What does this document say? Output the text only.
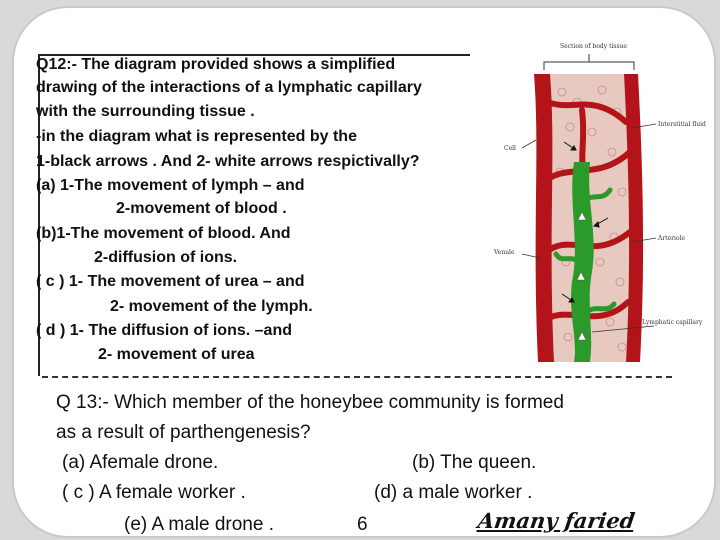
Q12:- The diagram provided shows a simplified
drawing of the interactions of a lymphatic capillary
with the surrounding tissue .
-in the diagram what is represented by the
1-black arrows . And 2- white arrows respictivally?
(a) 1-The movement of lymph – and
2-movement of blood .
(b)1-The movement of blood. And
2-diffusion of ions.
( c ) 1- The movement of urea – and
2- movement of the lymph.
( d ) 1- The diffusion of ions. –and
2- movement of urea
Section of body tissue
Cell
Venule
Interstitial fluid
Arteriole
Lymphatic capillary
Q 13:- Which member of the honeybee community is formed
as a result of parthengenesis?
(a) Afemale drone.	(b) The queen.
( c ) A female worker .	(d) a male worker .
(e) A male drone .	6	Amany faried
